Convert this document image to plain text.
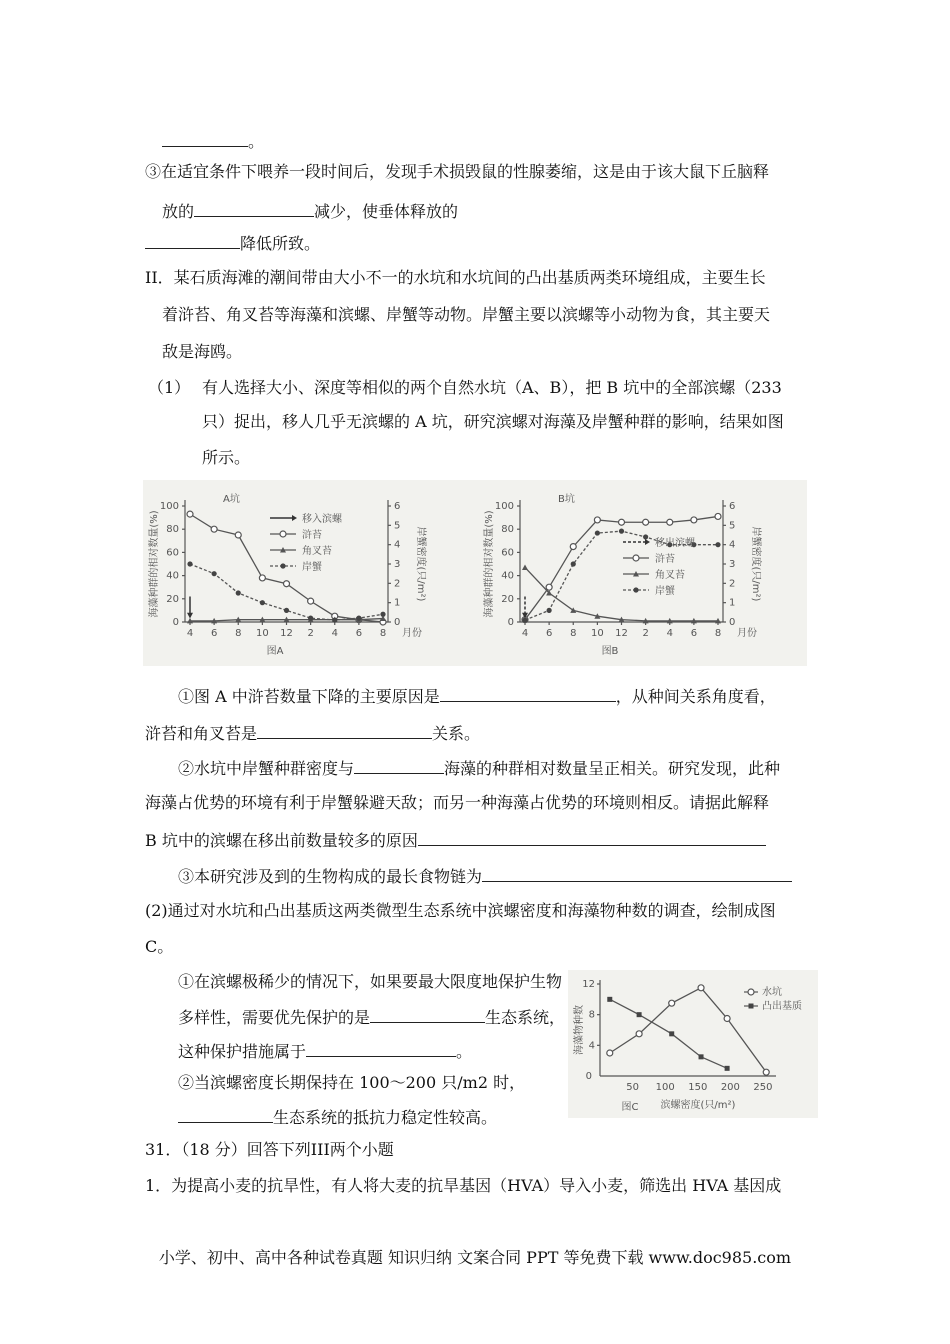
。
③在适宜条件下喂养一段时间后，发现手术损毁鼠的性腺萎缩，这是由于该大鼠下丘脑释
放的	减少，使垂体释放的
降低所致。
II．某石质海滩的潮间带由大小不一的水坑和水坑间的凸出基质两类环境组成，主要生长
着浒苔、角叉苔等海藻和滨螺、岸蟹等动物。岸蟹主要以滨螺等小动物为食，其主要天
敌是海鸥。
（1） 有人选择大小、深度等相似的两个自然水坑（A、B），把 B 坑中的全部滨螺（233
只）捉出，移人几乎无滨螺的 A 坑，研究滨螺对海藻及岸蟹种群的影响，结果如图
所示。
0
20
40
60
80
100
0
1
2
3
4
5
6
4 6 8 10 12 2 4 6 8 月份
A坑
图A
海藻种群的相对数量(%)	岸蟹密度(只/m²)
移入滨螺
浒苔
角叉苔
岸蟹
0
20
40
60
80
100
0
1
2
3
4
5
6
4 6 8 10 12 2 4 6 8 月份
B坑
图B
海藻种群的相对数量(%)	岸蟹密度(只/m²)
移出滨螺
浒苔
角叉苔
岸蟹
①图 A 中浒苔数量下降的主要原因是	，从种间关系角度看，
浒苔和角叉苔是	关系。
②水坑中岸蟹种群密度与	海藻的种群相对数量呈正相关。研究发现，此种
海藻占优势的环境有利于岸蟹躲避天敌；而另一种海藻占优势的环境则相反。请据此解释
B 坑中的滨螺在移出前数量较多的原因
③本研究涉及到的生物构成的最长食物链为
(2)通过对水坑和凸出基质这两类微型生态系统中滨螺密度和海藻物种数的调查，绘制成图
C。
①在滨螺极稀少的情况下，如果要最大限度地保护生物
多样性，需要优先保护的是	生态系统，
这种保护措施属于	。
②当滨螺密度长期保持在 100～200 只/m2 时，
生态系统的抵抗力稳定性较高。
4
8
12
0
50 100 150 200 250
海藻物种数
滨螺密度(只/m²)
图C
水坑
凸出基质
31．（18 分）回答下列III两个小题
1．为提高小麦的抗旱性，有人将大麦的抗旱基因（HVA）导入小麦，筛选出 HVA 基因成
小学、初中、高中各种试卷真题 知识归纳 文案合同 PPT 等免费下载 www.doc985.com
